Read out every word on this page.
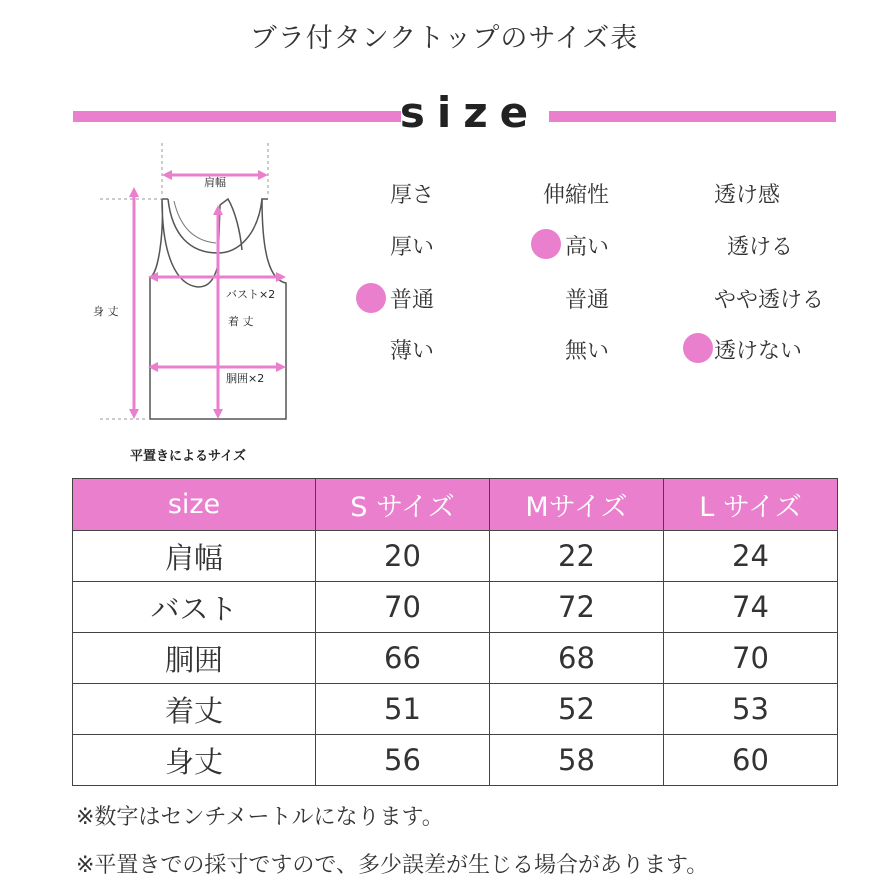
ブラ付タンクトップのサイズ表
size
肩幅
バスト×2
着 丈
胴囲×2
身 丈
平置きによるサイズ
厚さ	伸縮性	透け感
厚い	高い	透ける
普通	普通	やや透ける
薄い	無い	透けない
size	S サイズ	Mサイズ	L サイズ
肩幅	20	22	24
バスト	70	72	74
胴囲	66	68	70
着丈	51	52	53
身丈	56	58	60
※数字はセンチメートルになります。
※平置きでの採寸ですので、多少誤差が生じる場合があります。
